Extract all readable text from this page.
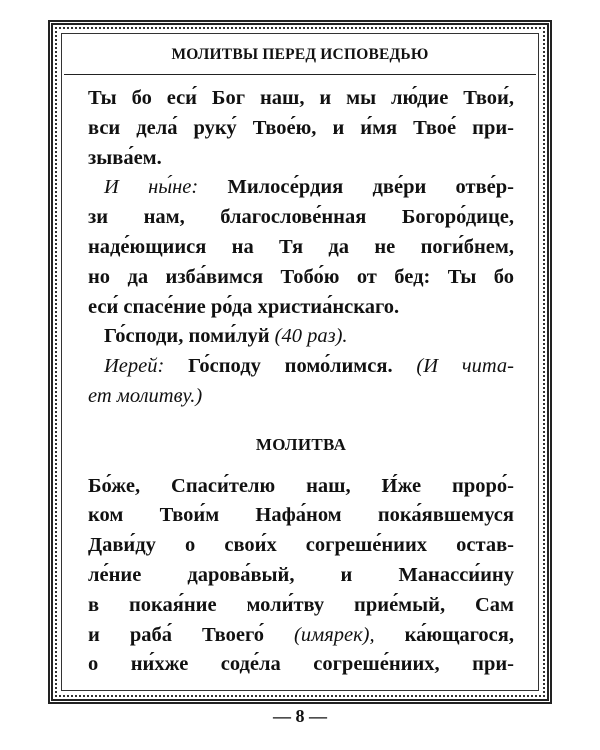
МОЛИТВЫ ПЕРЕД ИСПОВЕДЬЮ
Ты бо еси́ Бог наш, и мы лю́дие Твои́,
вси дела́ руку́ Твое́ю, и и́мя Твое́ при-
зыва́ем.
И ны́не: Милосе́рдия две́ри отве́р-
зи нам, благослове́нная Богоро́дице,
наде́ющиися на Тя да не поги́бнем,
но да изба́вимся Тобо́ю от бед: Ты бо
еси́ спасе́ние ро́да христиа́нскаго.
Го́споди, поми́луй (40 раз).
Иерей: Го́споду помо́лимся. (И чита-
ет молитву.)
МОЛИТВА
Бо́же, Спаси́телю наш, И́же проро́-
ком Твои́м Нафа́ном пока́явшемуся
Дави́ду о свои́х согреше́ниих остав-
ле́ние дарова́вый, и Манасси́ину
в покая́ние моли́тву прие́мый, Сам
и раба́ Твоего́ (имярек), ка́ющагося,
о ни́хже соде́ла согреше́ниих, при-
— 8 —
